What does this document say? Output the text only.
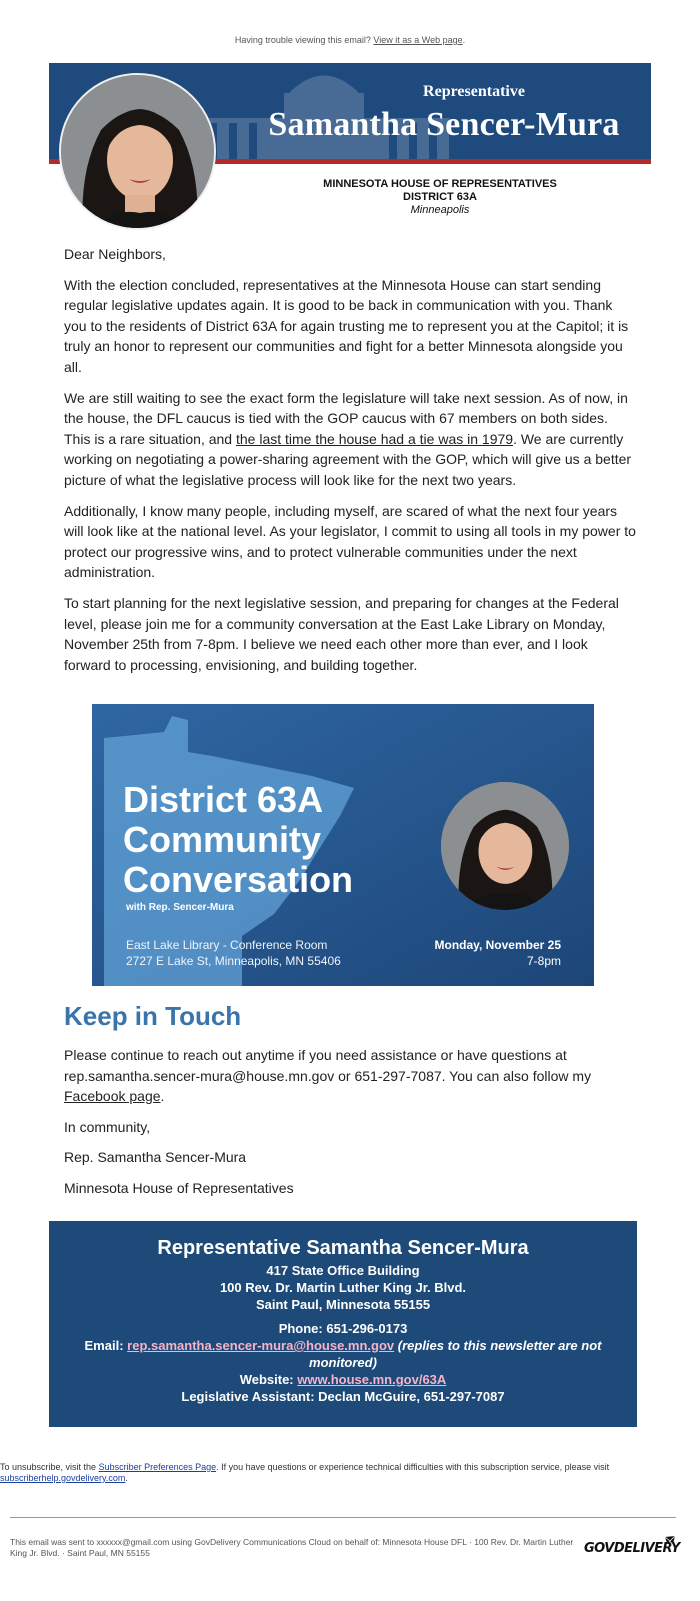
Having trouble viewing this email? View it as a Web page.
Representative
Samantha Sencer-Mura
MINNESOTA HOUSE OF REPRESENTATIVES
DISTRICT 63A
Minneapolis

Dear Neighbors,

With the election concluded, representatives at the Minnesota House can start sending regular legislative updates again. It is good to be back in communication with you. Thank you to the residents of District 63A for again trusting me to represent you at the Capitol; it is truly an honor to represent our communities and fight for a better Minnesota alongside you all.

We are still waiting to see the exact form the legislature will take next session. As of now, in the house, the DFL caucus is tied with the GOP caucus with 67 members on both sides. This is a rare situation, and the last time the house had a tie was in 1979. We are currently working on negotiating a power-sharing agreement with the GOP, which will give us a better picture of what the legislative process will look like for the next two years.

Additionally, I know many people, including myself, are scared of what the next four years will look like at the national level. As your legislator, I commit to using all tools in my power to protect our progressive wins, and to protect vulnerable communities under the next administration.

To start planning for the next legislative session, and preparing for changes at the Federal level, please join me for a community conversation at the East Lake Library on Monday, November 25th from 7-8pm. I believe we need each other more than ever, and I look forward to processing, envisioning, and building together.

District 63A
Community
Conversation
with Rep. Sencer-Mura
East Lake Library - Conference Room
2727 E Lake St, Minneapolis, MN 55406
Monday, November 25
7-8pm
Keep in Touch

Please continue to reach out anytime if you need assistance or have questions at rep.samantha.sencer-mura@house.mn.gov or 651-297-7087. You can also follow my Facebook page.

In community,

Rep. Samantha Sencer-Mura

Minnesota House of Representatives

Representative Samantha Sencer-Mura
417 State Office Building
100 Rev. Dr. Martin Luther King Jr. Blvd.
Saint Paul, Minnesota 55155
Phone: 651-296-0173
Email: rep.samantha.sencer-mura@house.mn.gov (replies to this newsletter are not monitored)
Website: www.house.mn.gov/63A
Legislative Assistant: Declan McGuire, 651-297-7087
To unsubscribe, visit the Subscriber Preferences Page. If you have questions or experience technical difficulties with this subscription service, please visit subscriberhelp.govdelivery.com.
This email was sent to xxxxxx@gmail.com using GovDelivery Communications Cloud on behalf of: Minnesota House DFL · 100 Rev. Dr. Martin Luther King Jr. Blvd. · Saint Paul, MN 55155	GOVDELIVERY
